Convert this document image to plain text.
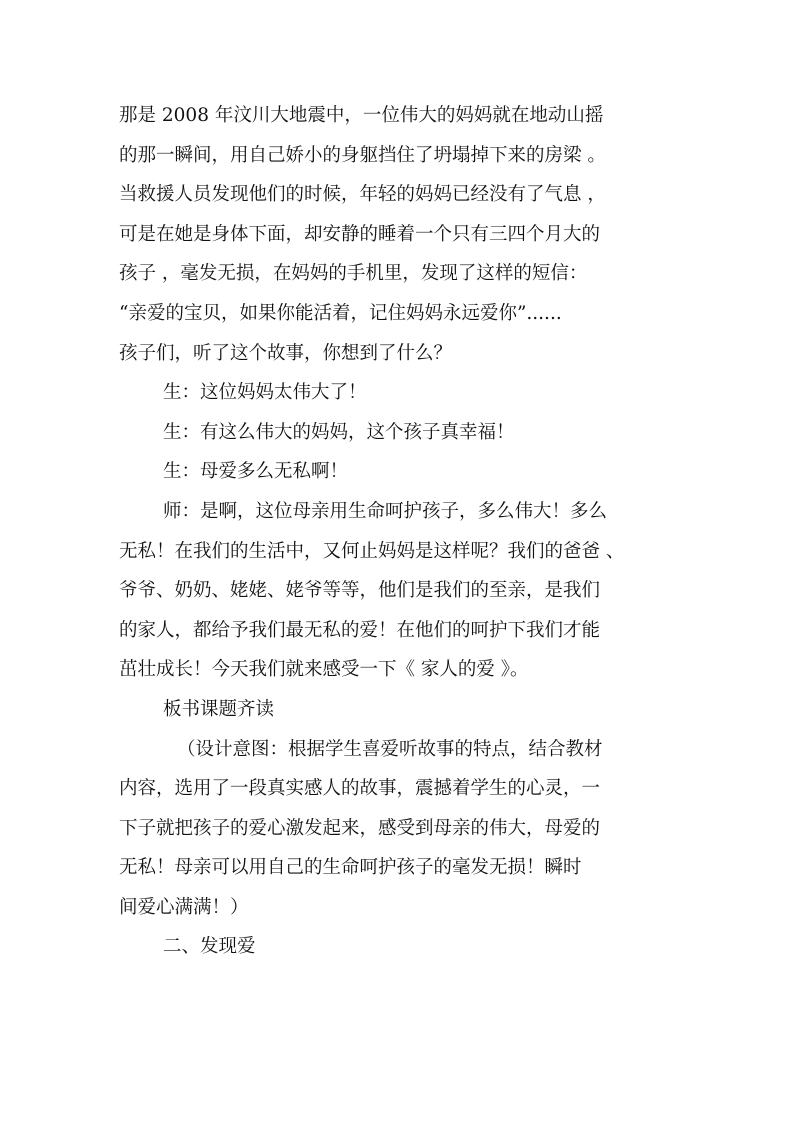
那是 2008 年汶川大地震中，一位伟大的妈妈就在地动山摇
的那一瞬间，用自己娇小的身躯挡住了坍塌掉下来的房梁 。
当救援人员发现他们的时候，年轻的妈妈已经没有了气息 ，
可是在她是身体下面，却安静的睡着一个只有三四个月大的
孩子 ，毫发无损，在妈妈的手机里，发现了这样的短信：
“亲爱的宝贝，如果你能活着，记住妈妈永远爱你”......
孩子们，听了这个故事，你想到了什么？
生：这位妈妈太伟大了！
生：有这么伟大的妈妈，这个孩子真幸福！
生：母爱多么无私啊！
师：是啊，这位母亲用生命呵护孩子，多么伟大！多么
无私！在我们的生活中，又何止妈妈是这样呢？我们的爸爸 、
爷爷、奶奶、姥姥、姥爷等等，他们是我们的至亲，是我们
的家人，都给予我们最无私的爱！在他们的呵护下我们才能
茁壮成长！今天我们就来感受一下《 家人的爱 》。
板书课题齐读
（设计意图：根据学生喜爱听故事的特点，结合教材
内容，选用了一段真实感人的故事，震撼着学生的心灵，一
下子就把孩子的爱心激发起来，感受到母亲的伟大，母爱的
无私！母亲可以用自己的生命呵护孩子的毫发无损！瞬时
间爱心满满！）
二、发现爱
